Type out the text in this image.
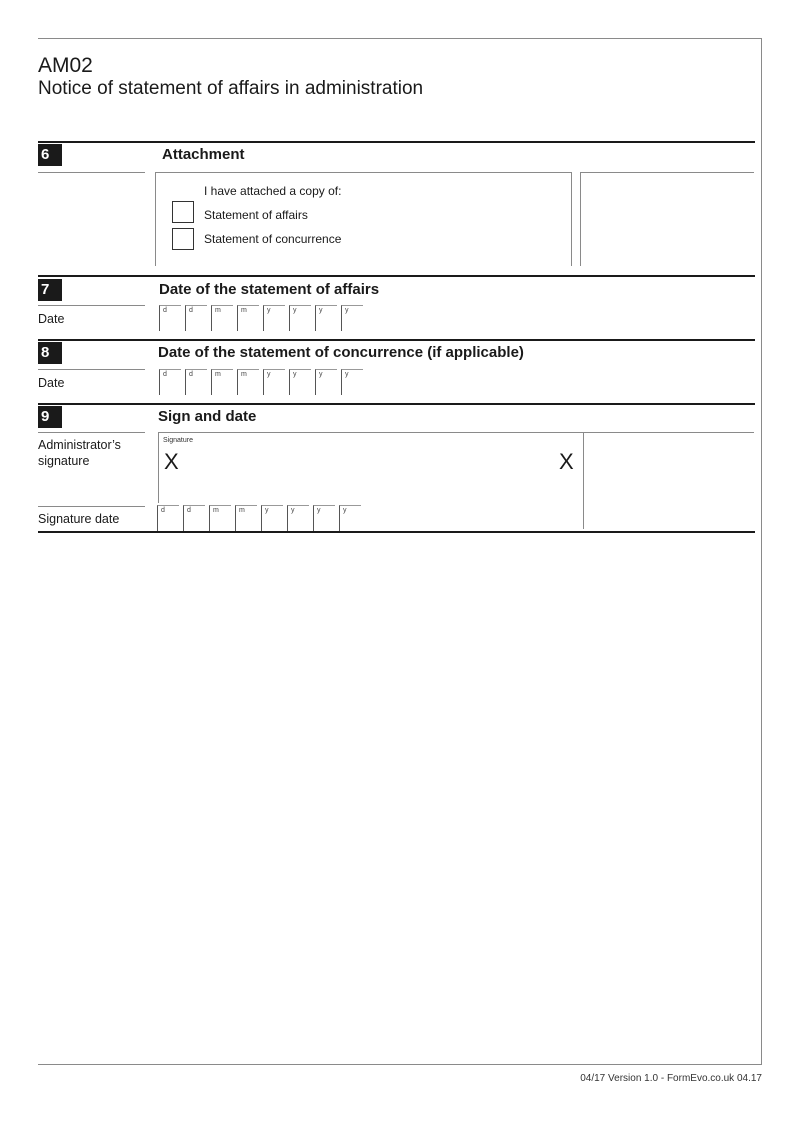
AM02
Notice of statement of affairs in administration
6	Attachment
I have attached a copy of:
Statement of affairs
Statement of concurrence
7	Date of the statement of affairs
Date
d	d	m	m	y	y	y	y
8	Date of the statement of concurrence (if applicable)
Date
d	d	m	m	y	y	y	y
9	Sign and date
Administrator’s signature
Signature
X	X
Signature date
d	d	m	m	y	y	y	y
04/17 Version 1.0 - FormEvo.co.uk 04.17
